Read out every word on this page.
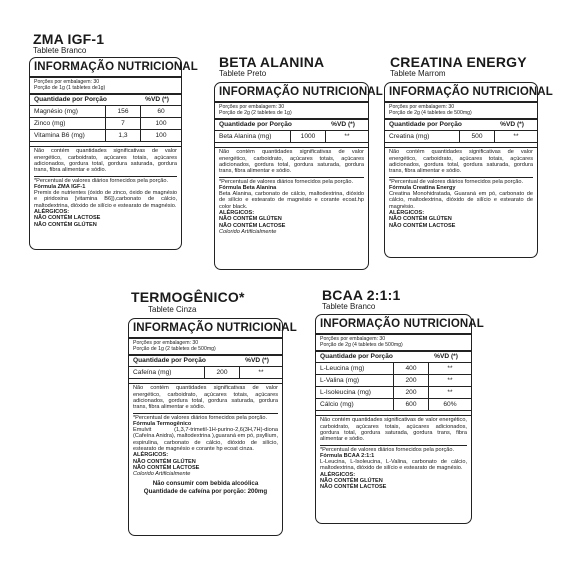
ZMA IGF-1
Tablete Branco
INFORMAÇÃO NUTRICIONAL
Porções por embalagem: 30
Porção de 1g (1 tabletes de1g)
Quantidade por Porção	%VD (*)
Magnésio (mg)	156	60
Zinco (mg)	7	100
Vitamina B6 (mg)	1,3	100
Não contém quantidades significativas de valor energético, carboidrato, açúcares totais, açúcares adicionados, gordura total, gordura saturada, gordura trans, fibra alimentar e sódio.
*Percentual de valores diários fornecidos pela porção.
Fórmula ZMA IGF-1
Premix de nutrientes (óxido de zinco, óxido de magnésio e piridoxina [vitamina B6]),carbonato de cálcio, maltodextrina, dióxido de silício e estearato de magnésio.
ALÉRGICOS:
NÃO CONTÉM LACTOSE
NÃO CONTÉM GLÚTEN
BETA ALANINA
Tablete Preto
INFORMAÇÃO NUTRICIONAL
Porções por embalagem: 30
Porção de 2g (2 tabletes de 1g)
Quantidade por Porção	%VD (*)
Beta Alanina (mg)	1000	**
Não contém quantidades significativas de valor energético, carboidrato, açúcares totais, açúcares adicionados, gordura total, gordura saturada, gordura trans, fibra alimentar e sódio.
*Percentual de valores diários fornecidos pela porção.
Fórmula Beta Alanina
Beta Alanina, carbonato de cálcio, maltodextrina, dióxido de silício e estearato de magnésio e corante ecoat.hp color black.
ALÉRGICOS:
NÃO CONTÉM GLÚTEN
NÃO CONTÉM LACTOSE
Colorido Artificialmente
CREATINA ENERGY
Tablete Marrom
INFORMAÇÃO NUTRICIONAL
Porções por embalagem: 30
Porção de 2g (4 tabletes de 500mg)
Quantidade por Porção	%VD (*)
Creatina (mg)	500	**
Não contém quantidades significativas de valor energético, carboidrato, açúcares totais, açúcares adicionados, gordura total, gordura saturada, gordura trans, fibra alimentar e sódio.
*Percentual de valores diários fornecidos pela porção.
Fórmula Creatina Energy
Creatina Monohidratada, Guaraná em pó, carbonato de cálcio, maltodextrina, dióxido de silício e estearato de magnésio.
ALÉRGICOS:
NÃO CONTÉM GLÚTEN
NÃO CONTÉM LACTOSE
TERMOGÊNICO*
Tablete Cinza
INFORMAÇÃO NUTRICIONAL
Porções por embalagem: 30
Porção de 1g (2 tabletes de 500mg)
Quantidade por Porção	%VD (*)
Cafeína (mg)	200	**
Não contém quantidades significativas de valor energético, carboidrato, açúcares totais, açúcares adicionados, gordura total, gordura saturada, gordura trans, fibra alimentar e sódio.
*Percentual de valores diários fornecidos pela porção.
Fórmula Termogênico
Emulvit (1,3,7-trimetil-1H-purino-2,6(3H,7H)-diona (Cafeína Anidra), maltodextrina ),guaraná em pó, psyllium, espirulina, carbonato de cálcio, dióxido de silício, estearato de magnésio e corante hp ecoat cinza.
ALÉRGICOS:
NÃO CONTÉM GLÚTEN
NÃO CONTÉM LACTOSE
Colorido Artificialmente
Não consumir com bebida alcoólica
Quantidade de cafeína por porção: 200mg
BCAA 2:1:1
Tablete Branco
INFORMAÇÃO NUTRICIONAL
Porções por embalagem: 30
Porção de 2g (4 tabletes de 500mg)
Quantidade por Porção	%VD (*)
L-Leucina (mg)	400	**
L-Valina (mg)	200	**
L-Isoleucina (mg)	200	**
Cálcio (mg)	600	60%
Não contém quantidades significativas de valor energético, carboidrato, açúcares totais, açúcares adicionados, gordura total, gordura saturada, gordura trans, fibra alimentar e sódio.
*Percentual de valores diários fornecidos pela porção.
Fórmula BCAA 2:1:1
L-Leucina, L-Isoleucina, L-Valina, carbonato de cálcio, maltodextrina, dióxido de silício e estearato de magnésio.
ALÉRGICOS:
NÃO CONTÉM GLÚTEN
NÃO CONTÉM LACTOSE
